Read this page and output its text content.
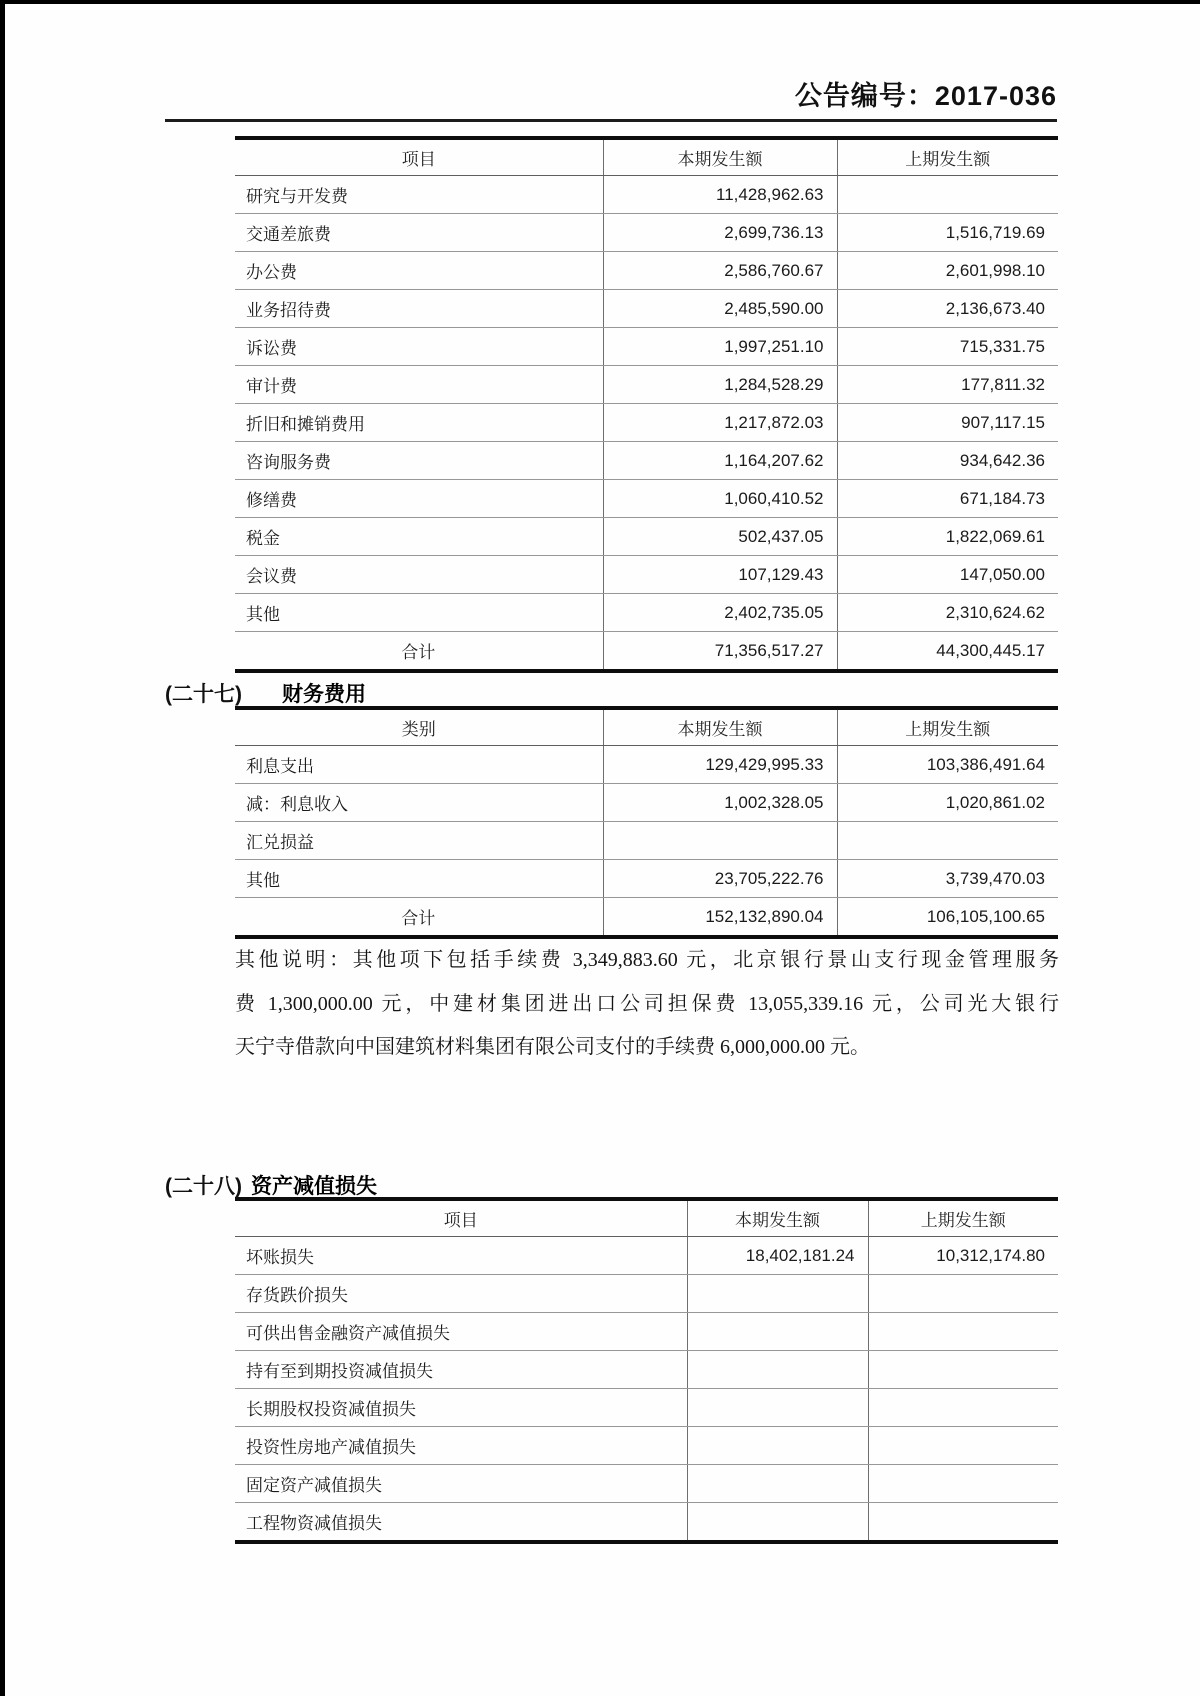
公告编号：2017-036
项目	本期发生额	上期发生额
研究与开发费	11,428,962.63	
交通差旅费	2,699,736.13	1,516,719.69
办公费	2,586,760.67	2,601,998.10
业务招待费	2,485,590.00	2,136,673.40
诉讼费	1,997,251.10	715,331.75
审计费	1,284,528.29	177,811.32
折旧和摊销费用	1,217,872.03	907,117.15
咨询服务费	1,164,207.62	934,642.36
修缮费	1,060,410.52	671,184.73
税金	502,437.05	1,822,069.61
会议费	107,129.43	147,050.00
其他	2,402,735.05	2,310,624.62
合计	71,356,517.27	44,300,445.17
(二十七) 财务费用
类别	本期发生额	上期发生额
利息支出	129,429,995.33	103,386,491.64
减：利息收入	1,002,328.05	1,020,861.02
汇兑损益		
其他	23,705,222.76	3,739,470.03
合计	152,132,890.04	106,105,100.65
其他说明：其他项下包括手续费 3,349,883.60 元，北京银行景山支行现金管理服务
费 1,300,000.00 元，中建材集团进出口公司担保费 13,055,339.16 元，公司光大银行
天宁寺借款向中国建筑材料集团有限公司支付的手续费 6,000,000.00 元。
(二十八) 资产减值损失
项目	本期发生额	上期发生额
坏账损失	18,402,181.24	10,312,174.80
存货跌价损失		
可供出售金融资产减值损失		
持有至到期投资减值损失		
长期股权投资减值损失		
投资性房地产减值损失		
固定资产减值损失		
工程物资减值损失		
